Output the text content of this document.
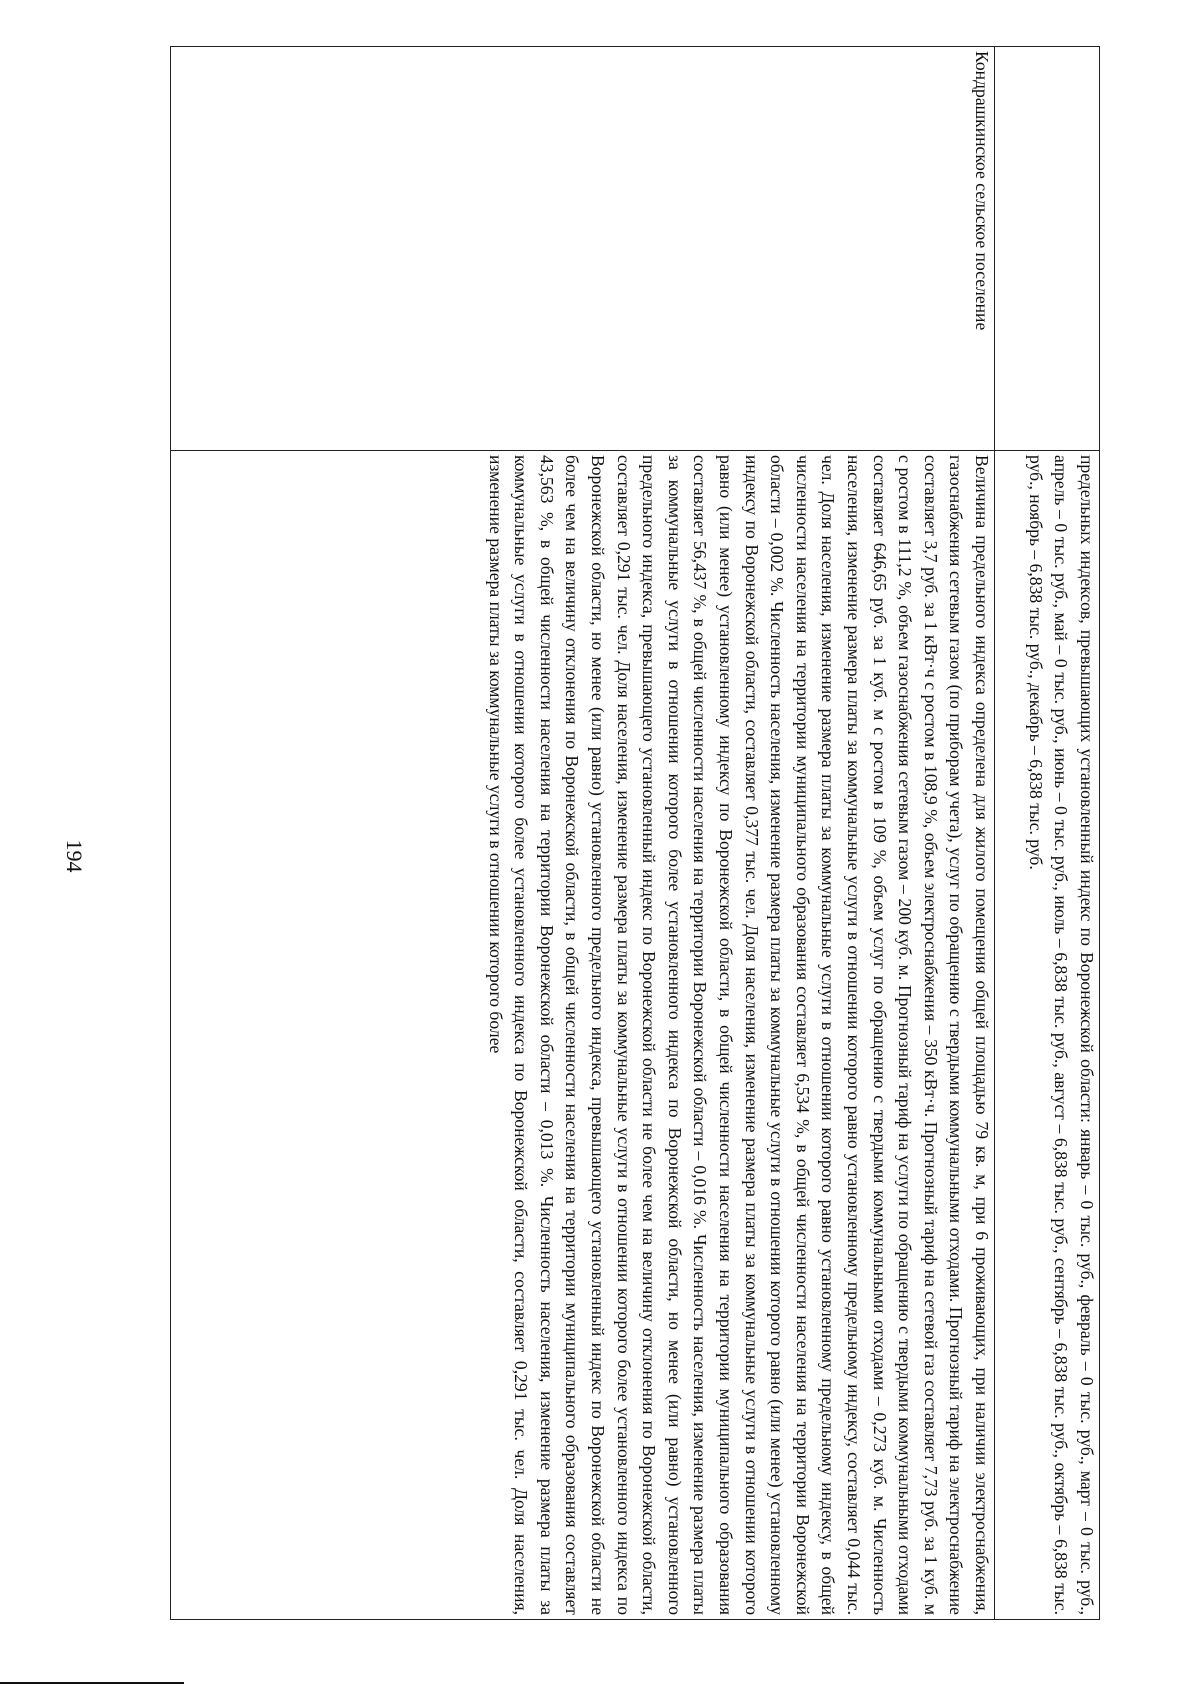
194
		предельных индексов, превышающих установленный индекс по Воронежской области: январь – 0 тыс. руб., февраль – 0 тыс. руб., март – 0 тыс. руб., апрель – 0 тыс. руб., май – 0 тыс. руб., июнь – 0 тыс. руб., июль – 6,838 тыс. руб., август – 6,838 тыс. руб., сентябрь – 6,838 тыс. руб., октябрь – 6,838 тыс. руб., ноябрь – 6,838 тыс. руб., декабрь – 6,838 тыс. руб.
Кондрашкинское сельское поселение	Величина предельного индекса определена для жилого помещения общей площадью 79 кв. м, при 6 проживающих, при наличии электроснабжения, газоснабжения сетевым газом (по приборам учета), услуг по обращению с твердыми коммунальными отходами. Прогнозный тариф на электроснабжение составляет 3,7 руб. за 1 кВт·ч с ростом в 108,9 %, объем электроснабжения – 350 кВт·ч. Прогнозный тариф на сетевой газ составляет 7,73 руб. за 1 куб. м с ростом в 111,2 %, объем газоснабжения сетевым газом – 200 куб. м. Прогнозный тариф на услуги по обращению с твердыми коммунальными отходами составляет 646,65 руб. за 1 куб. м с ростом в 109 %, объем услуг по обращению с твердыми коммунальными отходами – 0,273 куб. м. Численность населения, изменение размера платы за коммунальные услуги в отношении которого равно установленному предельному индексу, составляет 0,044 тыс. чел. Доля населения, изменение размера платы за коммунальные услуги в отношении которого равно установленному предельному индексу, в общей численности населения на территории муниципального образования составляет 6,534 %, в общей численности населения на территории Воронежской области – 0,002 %. Численность населения, изменение размера платы за коммунальные услуги в отношении которого равно (или менее) установленному индексу по Воронежской области, составляет 0,377 тыс. чел. Доля населения, изменение размера платы за коммунальные услуги в отношении которого равно (или менее) установленному индексу по Воронежской области, в общей численности населения на территории муниципального образования составляет 56,437 %, в общей численности населения на территории Воронежской области – 0,016 %. Численность населения, изменение размера платы за коммунальные услуги в отношении которого более установленного индекса по Воронежской области, но менее (или равно) установленного предельного индекса, превышающего установленный индекс по Воронежской области не более чем на величину отклонения по Воронежской области, составляет 0,291 тыс. чел. Доля населения, изменение размера платы за коммунальные услуги в отношении которого более установленного индекса по Воронежской области, но менее (или равно) установленного предельного индекса, превышающего установленный индекс по Воронежской области не более чем на величину отклонения по Воронежской области, в общей численности населения на территории муниципального образования составляет 43,563 %, в общей численности населения на территории Воронежской области – 0,013 %. Численность населения, изменение размера платы за коммунальные услуги в отношении которого более установленного индекса по Воронежской области, составляет 0,291 тыс. чел. Доля населения, изменение размера платы за коммунальные услуги в отношении которого более
